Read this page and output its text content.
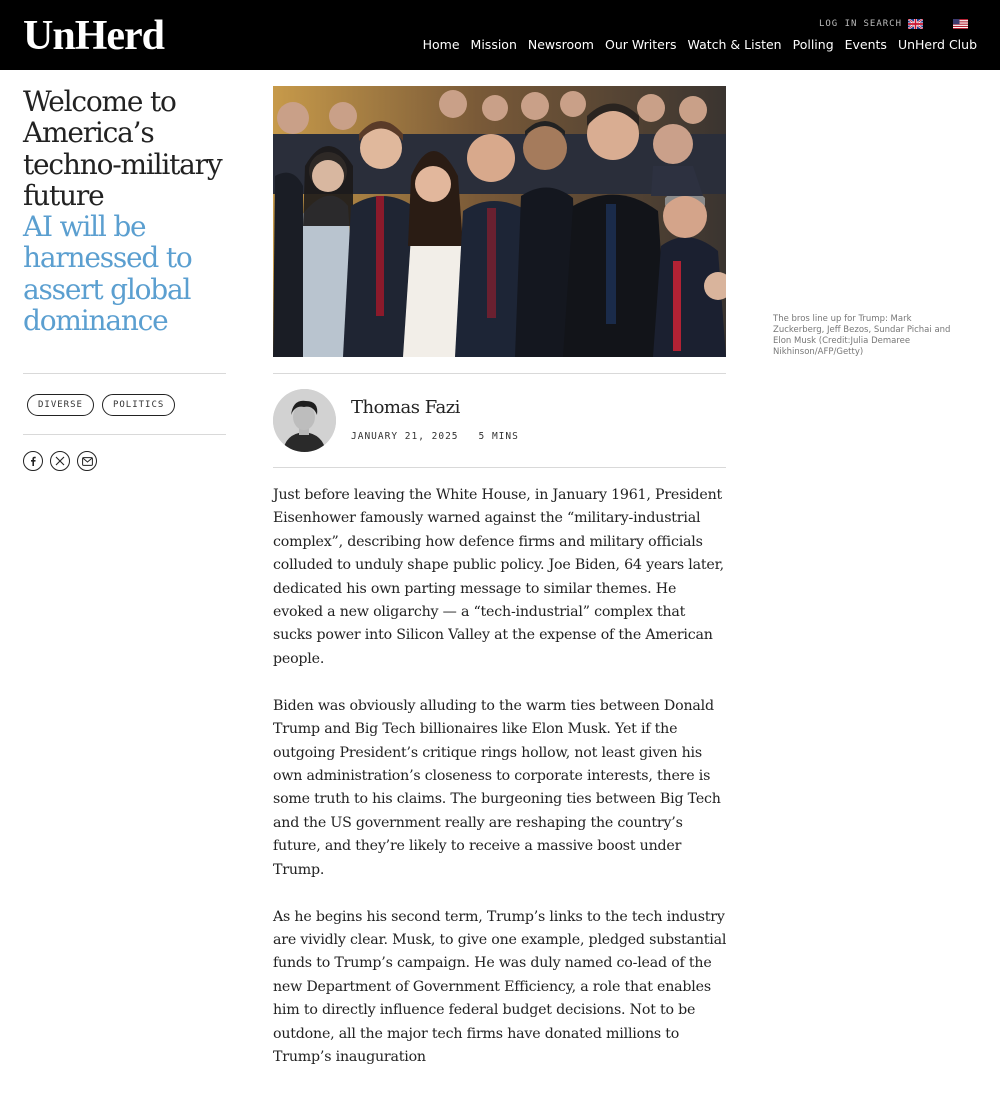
UnHerd	LOG IN SEARCH
Home Mission Newsroom Our Writers Watch & Listen Polling Events UnHerd Club
Welcome to America’s techno-military future
AI will be harnessed to assert global dominance
DIVERSE	POLITICS
The bros line up for Trump: Mark Zuckerberg, Jeff Bezos, Sundar Pichai and Elon Musk (Credit:Julia Demaree Nikhinson/AFP/Getty)
Thomas Fazi
JANUARY 21, 2025 5 MINS

Just before leaving the White House, in January 1961, President Eisenhower famously warned against the “military-industrial complex”, describing how defence firms and military officials colluded to unduly shape public policy. Joe Biden, 64 years later, dedicated his own parting message to similar themes. He evoked a new oligarchy — a “tech-industrial” complex that sucks power into Silicon Valley at the expense of the American people.

Biden was obviously alluding to the warm ties between Donald Trump and Big Tech billionaires like Elon Musk. Yet if the outgoing President’s critique rings hollow, not least given his own administration’s closeness to corporate interests, there is some truth to his claims. The burgeoning ties between Big Tech and the US government really are reshaping the country’s future, and they’re likely to receive a massive boost under Trump.

As he begins his second term, Trump’s links to the tech industry are vividly clear. Musk, to give one example, pledged substantial funds to Trump’s campaign. He was duly named co-lead of the new Department of Government Efficiency, a role that enables him to directly influence federal budget decisions. Not to be outdone, all the major tech firms have donated millions to Trump’s inauguration
